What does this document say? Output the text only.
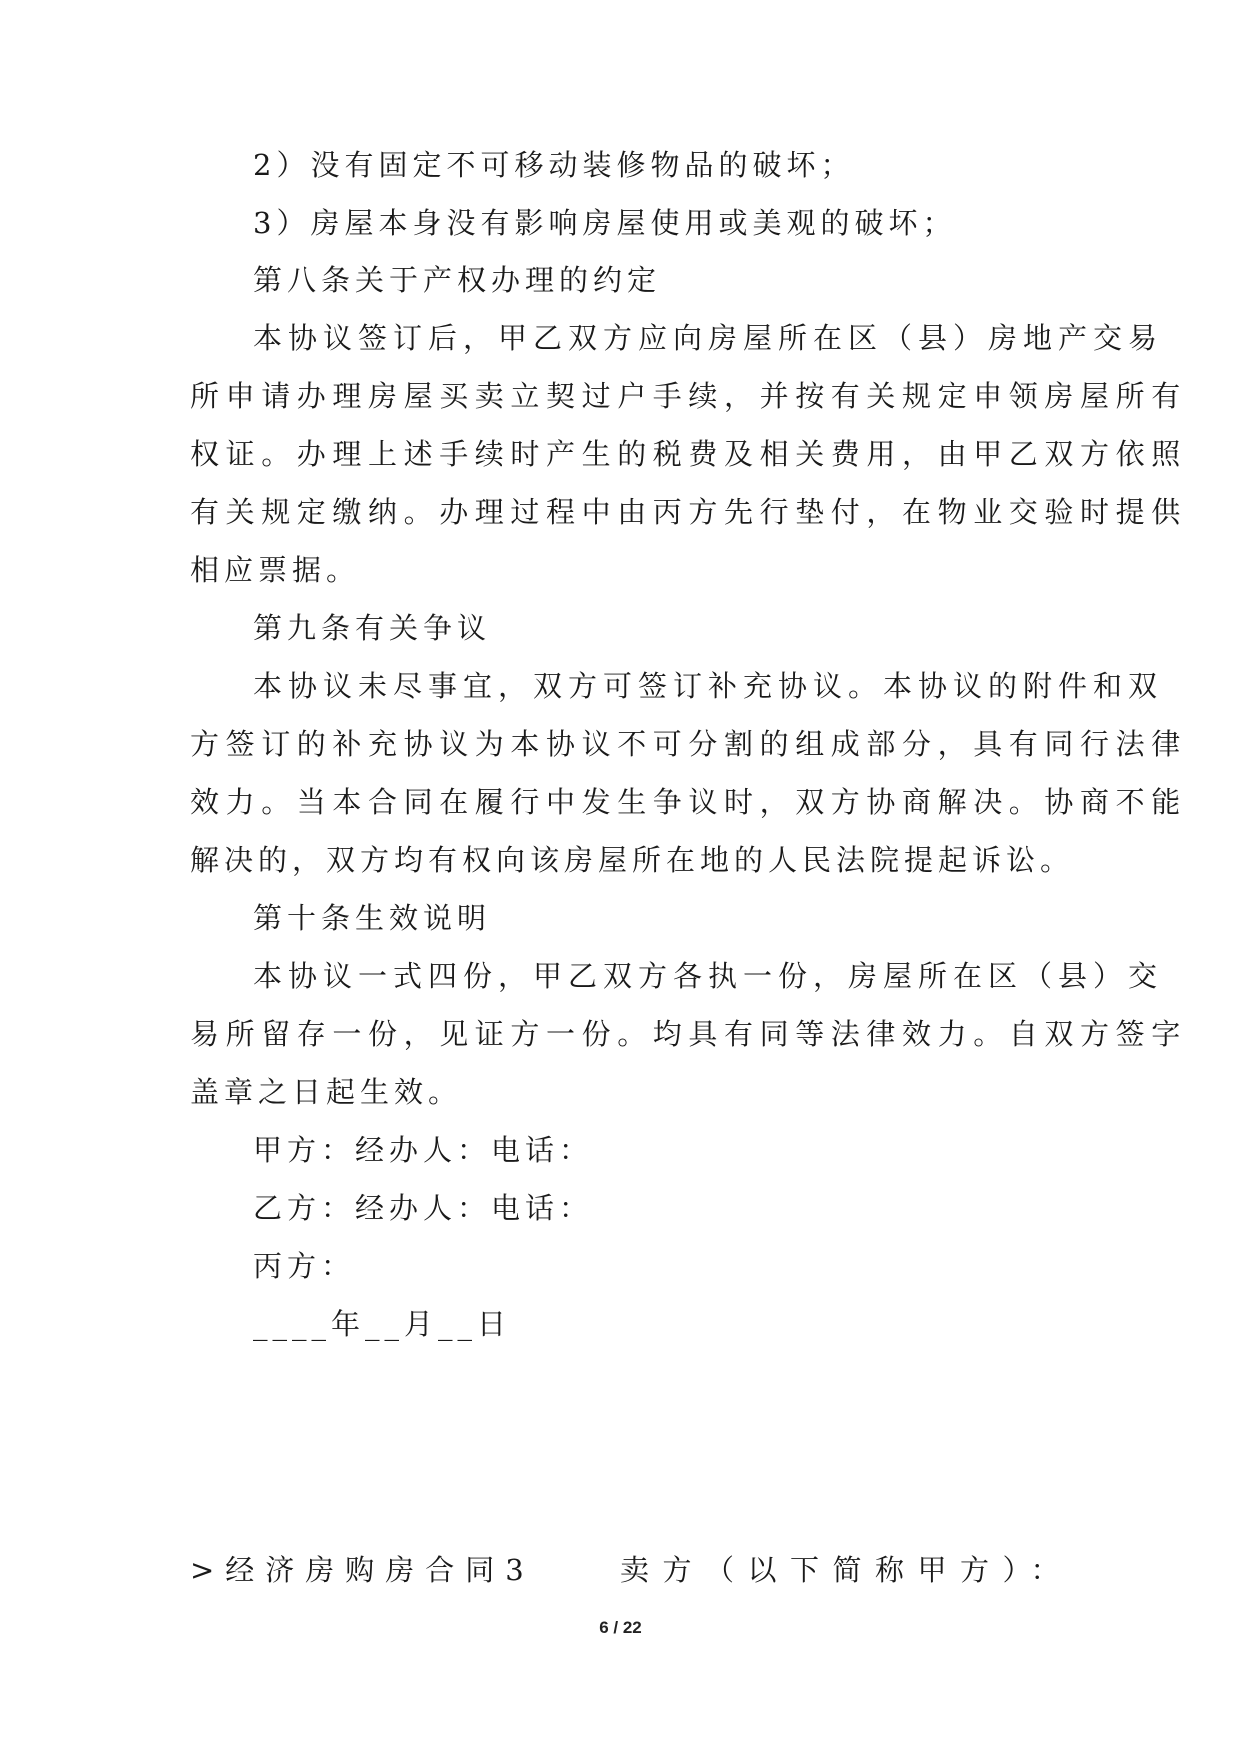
2）没有固定不可移动装修物品的破坏；
3）房屋本身没有影响房屋使用或美观的破坏；
第八条关于产权办理的约定
本协议签订后，甲乙双方应向房屋所在区（县）房地产交易
所申请办理房屋买卖立契过户手续，并按有关规定申领房屋所有
权证。办理上述手续时产生的税费及相关费用，由甲乙双方依照
有关规定缴纳。办理过程中由丙方先行垫付，在物业交验时提供
相应票据。
第九条有关争议
本协议未尽事宜，双方可签订补充协议。本协议的附件和双
方签订的补充协议为本协议不可分割的组成部分，具有同行法律
效力。当本合同在履行中发生争议时，双方协商解决。协商不能
解决的，双方均有权向该房屋所在地的人民法院提起诉讼。
第十条生效说明
本协议一式四份，甲乙双方各执一份，房屋所在区（县）交
易所留存一份，见证方一份。均具有同等法律效力。自双方签字
盖章之日起生效。
甲方：经办人：电话：
乙方：经办人：电话：
丙方：
____年__月__日
>经济房购房合同3	卖方（以下简称甲方）：
6 / 22
